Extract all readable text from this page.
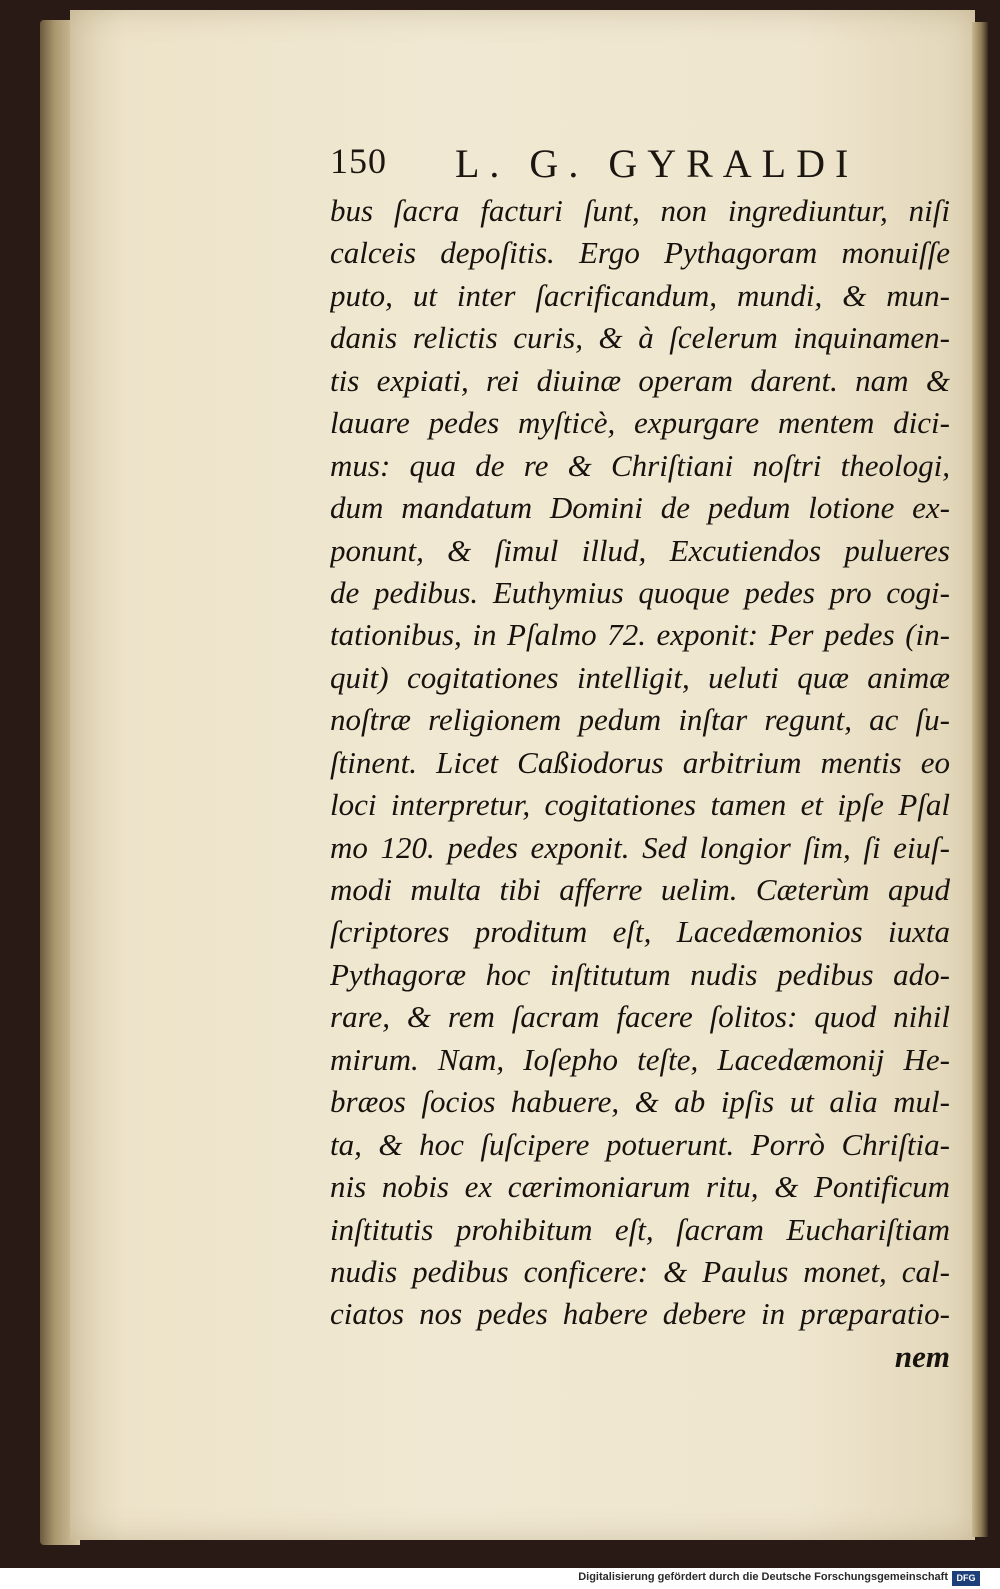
150 L. G. GYRALDI
bus ſacra facturi ſunt, non ingrediuntur, niſi
calceis depoſitis. Ergo Pythagoram monuiſſe
puto, ut inter ſacrificandum, mundi, & mun-
danis relictis curis, & à ſcelerum inquinamen-
tis expiati, rei diuinæ operam darent. nam &
lauare pedes myſticè, expurgare mentem dici-
mus: qua de re & Chriſtiani noſtri theologi,
dum mandatum Domini de pedum lotione ex-
ponunt, & ſimul illud, Excutiendos pulueres
de pedibus. Euthymius quoque pedes pro cogi-
tationibus, in Pſalmo 72. exponit: Per pedes (in-
quit) cogitationes intelligit, ueluti quæ animæ
noſtræ religionem pedum inſtar regunt, ac ſu-
ſtinent. Licet Caßiodorus arbitrium mentis eo
loci interpretur, cogitationes tamen et ipſe Pſal
mo 120. pedes exponit. Sed longior ſim, ſi eiuſ-
modi multa tibi afferre uelim. Cæterùm apud
ſcriptores proditum eſt, Lacedæmonios iuxta
Pythagoræ hoc inſtitutum nudis pedibus ado-
rare, & rem ſacram facere ſolitos: quod nihil
mirum. Nam, Ioſepho teſte, Lacedæmonij He-
bræos ſocios habuere, & ab ipſis ut alia mul-
ta, & hoc ſuſcipere potuerunt. Porrò Chriſtia-
nis nobis ex cærimoniarum ritu, & Pontificum
inſtitutis prohibitum eſt, ſacram Euchariſtiam
nudis pedibus conficere: & Paulus monet, cal-
ciatos nos pedes habere debere in præparatio-
nem
Digitalisierung gefördert durch die Deutsche Forschungsgemeinschaft DFG
